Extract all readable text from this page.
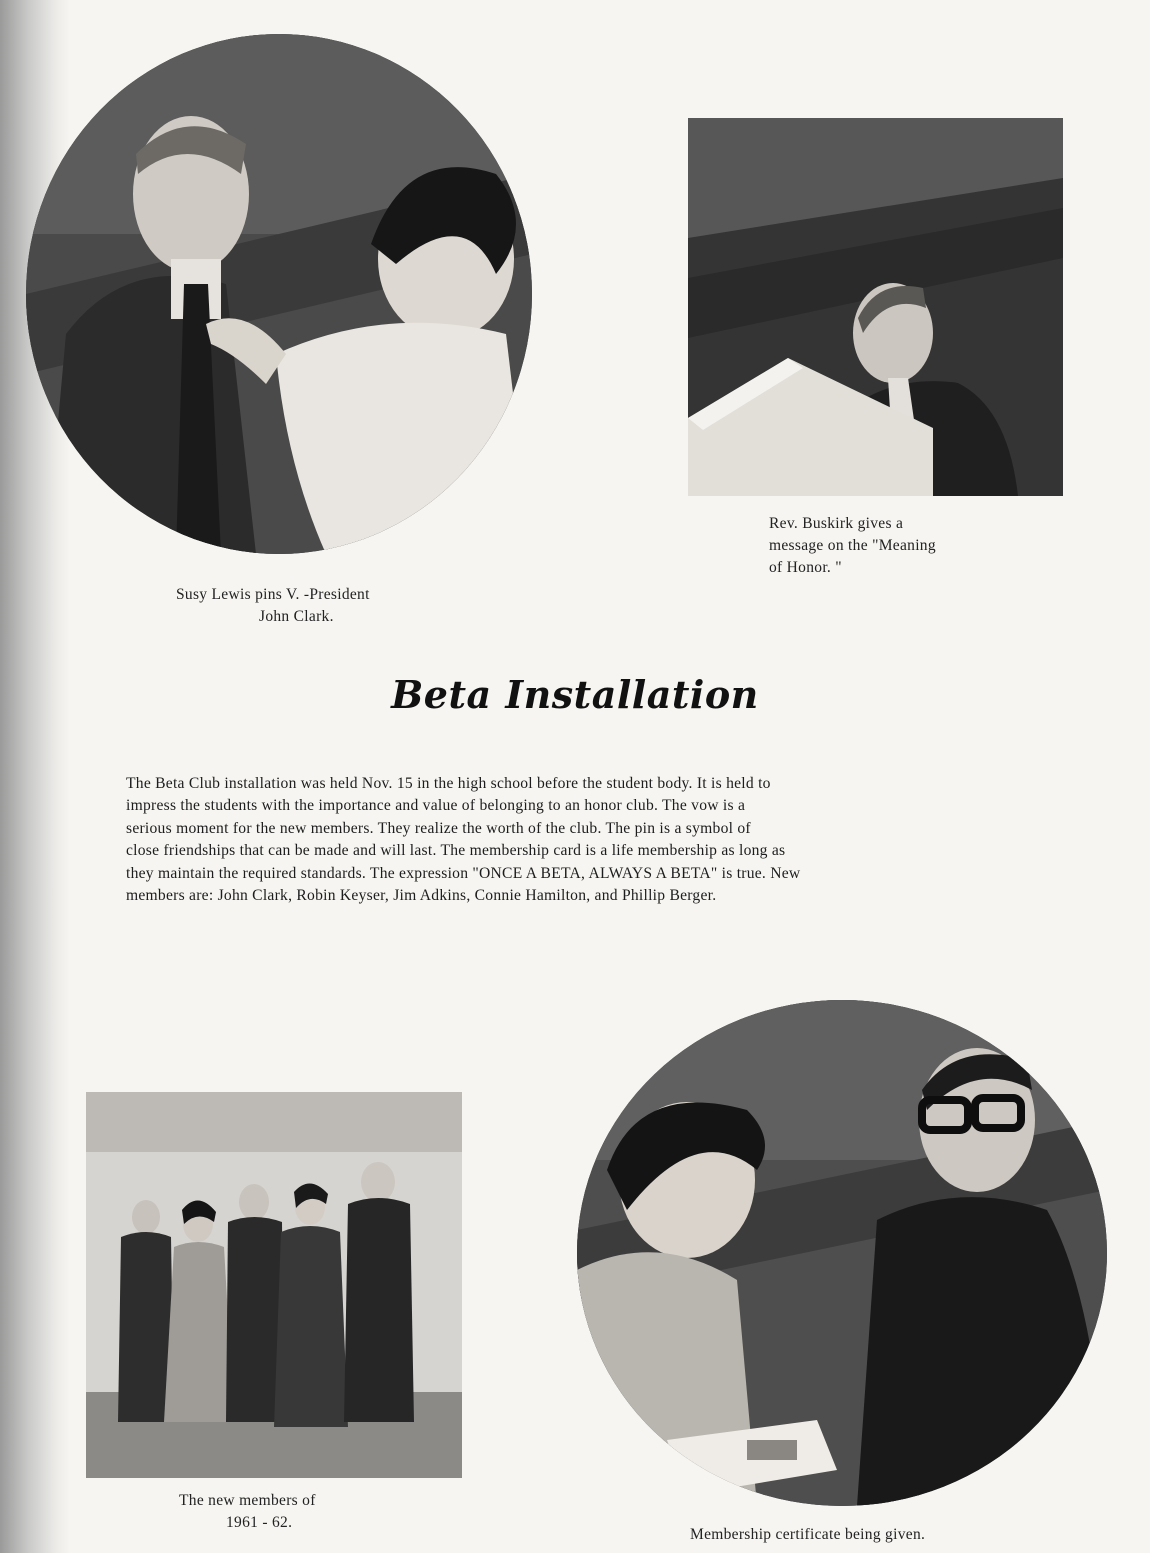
Susy Lewis pins V. -President
John Clark.
Rev. Buskirk gives a
message on the "Meaning
of Honor. "
Beta Installation
The Beta Club installation was held Nov. 15 in the high school before the student body. It is held to
impress the students with the importance and value of belonging to an honor club. The vow is a
serious moment for the new members. They realize the worth of the club. The pin is a symbol of
close friendships that can be made and will last. The membership card is a life membership as long as
they maintain the required standards. The expression "ONCE A BETA, ALWAYS A BETA" is true. New
members are: John Clark, Robin Keyser, Jim Adkins, Connie Hamilton, and Phillip Berger.
The new members of
1961 - 62.
Membership certificate being given.
